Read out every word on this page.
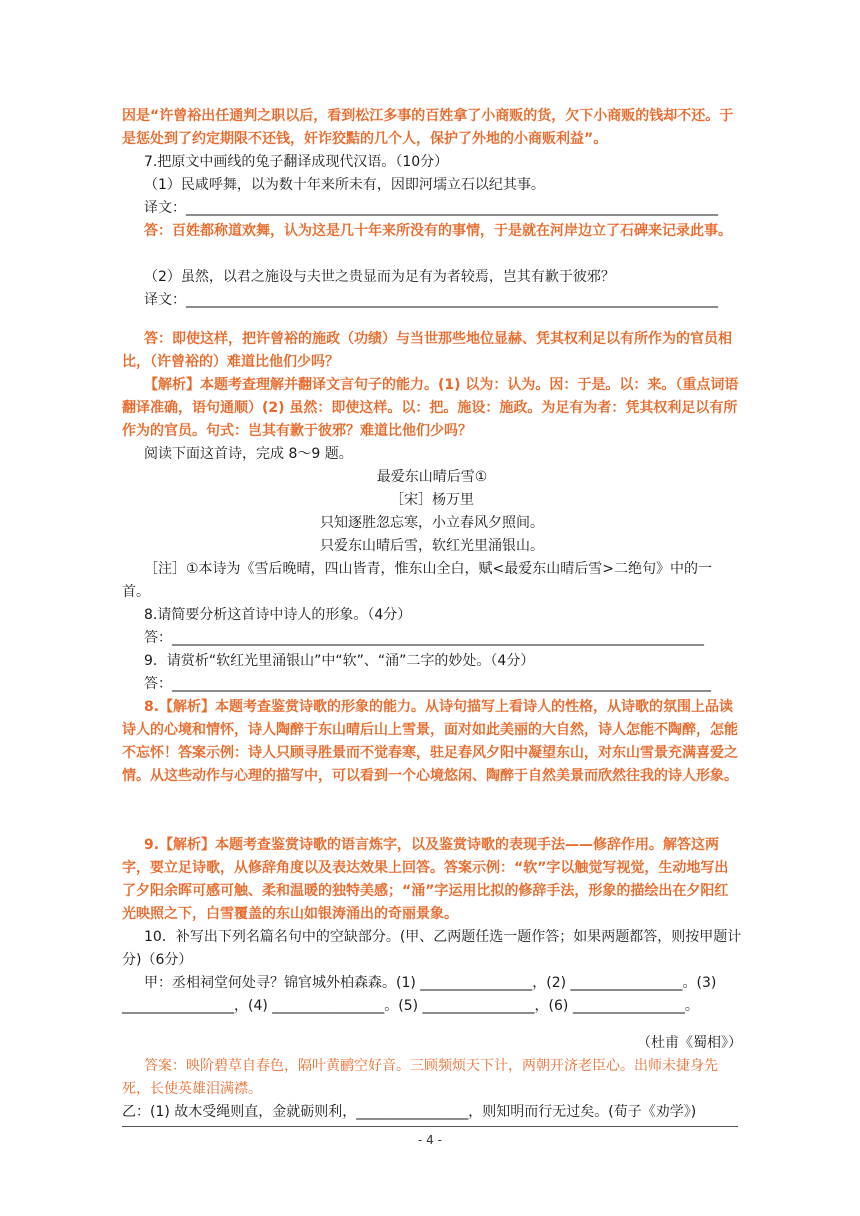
因是“许曾裕出任通判之职以后，看到松江多事的百姓拿了小商贩的货，欠下小商贩的钱却不还。于是惩处到了约定期限不还钱，奸诈狡黠的几个人，保护了外地的小商贩利益”。

7.把原文中画线的兔子翻译成现代汉语。（10分）

（1）民咸呼舞，以为数十年来所未有，因即河壖立石以纪其事。

译文：____________________________________________________________________________

答：百姓都称道欢舞，认为这是几十年来所没有的事情，于是就在河岸边立了石碑来记录此事。

（2）虽然，以君之施设与夫世之贵显而为足有为者较焉，岂其有歉于彼邪？

译文：____________________________________________________________________________

答：即使这样，把许曾裕的施政（功绩）与当世那些地位显赫、凭其权利足以有所作为的官员相比，（许曾裕的）难道比他们少吗？

【解析】本题考查理解并翻译文言句子的能力。(1) 以为：认为。因：于是。以：来。（重点词语翻译准确，语句通顺）(2) 虽然：即使这样。以：把。施设：施政。为足有为者：凭其权利足以有所作为的官员。句式：岂其有歉于彼邪？难道比他们少吗？

阅读下面这首诗，完成 8～9 题。

最爱东山晴后雪①
［宋］杨万里
只知逐胜忽忘寒，小立春风夕照间。
只爱东山晴后雪，软红光里涌银山。

［注］①本诗为《雪后晚晴，四山皆青，惟东山全白，赋<最爱东山晴后雪>二绝句》中的一 首。

8.请简要分析这首诗中诗人的形象。（4分）

答：____________________________________________________________________________

9．请赏析“软红光里涌银山”中“软”、“涌”二字的妙处。（4分）

答：_____________________________________________________________________________

8.【解析】本题考查鉴赏诗歌的形象的能力。从诗句描写上看诗人的性格，从诗歌的氛围上品读诗人的心境和情怀，诗人陶醉于东山晴后山上雪景，面对如此美丽的大自然，诗人怎能不陶醉，怎能不忘怀！答案示例：诗人只顾寻胜景而不觉春寒，驻足春风夕阳中凝望东山，对东山雪景充满喜爱之情。从这些动作与心理的描写中，可以看到一个心境悠闲、陶醉于自然美景而欣然往我的诗人形象。

9.【解析】本题考查鉴赏诗歌的语言炼字，以及鉴赏诗歌的表现手法——修辞作用。解答这两字，要立足诗歌，从修辞角度以及表达效果上回答。答案示例：“软”字以触觉写视觉，生动地写出了夕阳余晖可感可触、柔和温暖的独特美感；“涌”字运用比拟的修辞手法，形象的描绘出在夕阳红光映照之下，白雪覆盖的东山如银涛涌出的奇丽景象。

10．补写出下列名篇名句中的空缺部分。(甲、乙两题任选一题作答；如果两题都答，则按甲题计分)（6分）

甲：丞相祠堂何处寻？锦官城外柏森森。(1) ________________，(2) ________________。(3) ________________，(4) ________________。(5) ________________，(6) ________________。

（杜甫《蜀相》）

答案：映阶碧草自春色，隔叶黄鹂空好音。三顾频烦天下计，两朝开济老臣心。出师未捷身先死，长使英雄泪满襟。

乙：(1) 故木受绳则直，金就砺则利，________________，则知明而行无过矣。(荀子《劝学》)

- 4 -
